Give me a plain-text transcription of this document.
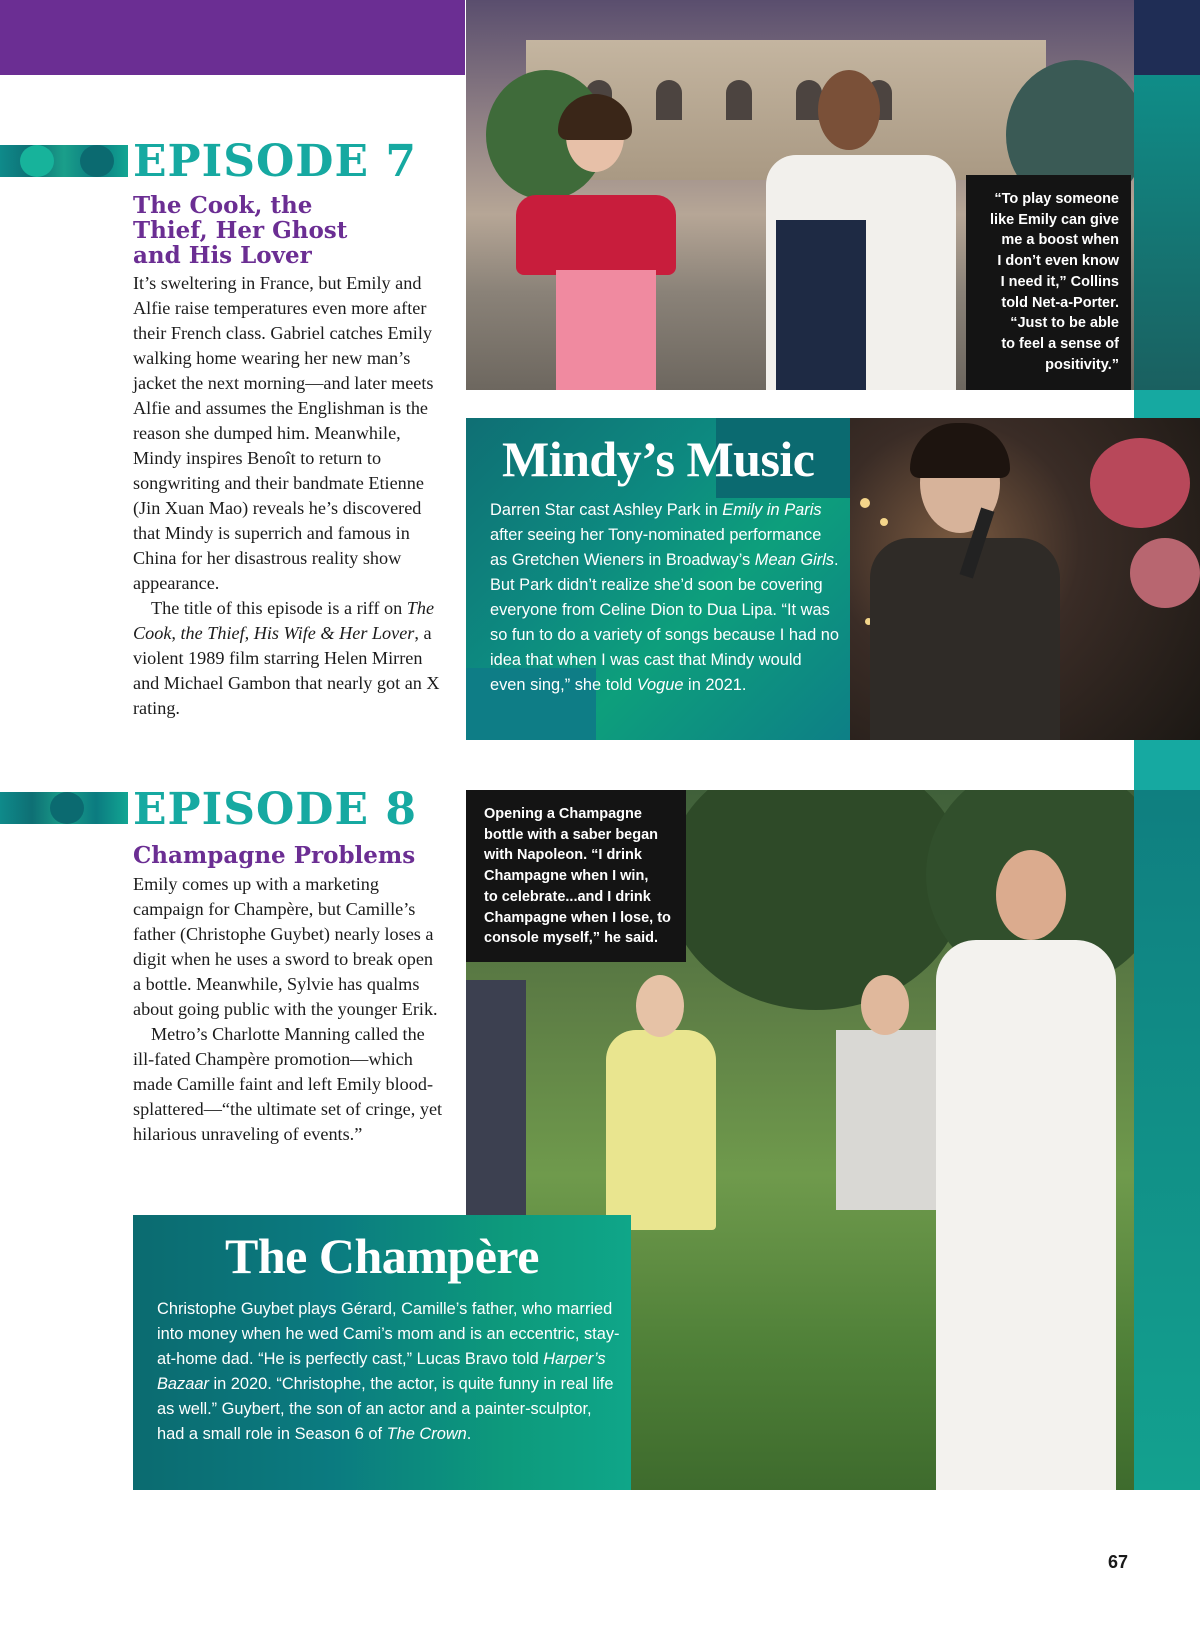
EPISODE 7
The Cook, the
Thief, Her Ghost
and His Lover

It’s sweltering in France, but Emily and Alfie raise temperatures even more after their French class. Gabriel catches Emily walking home wearing her new man’s jacket the next morning—and later meets Alfie and assumes the Englishman is the reason she dumped him. Meanwhile, Mindy inspires Benoît to return to songwriting and their bandmate Etienne (Jin Xuan Mao) reveals he’s discovered that Mindy is superrich and famous in China for her disastrous reality show appearance.

The title of this episode is a riff on The Cook, the Thief, His Wife & Her Lover, a violent 1989 film starring Helen Mirren and Michael Gambon that nearly got an X rating.

“To play someone
like Emily can give
me a boost when
I don’t even know
I need it,” Collins
told Net-a-Porter.
“Just to be able
to feel a sense of
positivity.”
Mindy’s Music
Darren Star cast Ashley Park in Emily in Paris after seeing her Tony-nominated performance as Gretchen Wieners in Broadway’s Mean Girls. But Park didn’t realize she’d soon be covering everyone from Celine Dion to Dua Lipa. “It was so fun to do a variety of songs because I had no idea that when I was cast that Mindy would even sing,” she told Vogue in 2021.
EPISODE 8
Champagne Problems

Emily comes up with a marketing campaign for Champère, but Camille’s father (Christophe Guybet) nearly loses a digit when he uses a sword to break open a bottle. Meanwhile, Sylvie has qualms about going public with the younger Erik.

Metro’s Charlotte Manning called the ill-fated Champère promotion—which made Camille faint and left Emily blood-splattered—“the ultimate set of cringe, yet hilarious unraveling of events.”

Opening a Champagne
bottle with a saber began
with Napoleon. “I drink
Champagne when I win,
to celebrate...and I drink
Champagne when I lose, to
console myself,” he said.
The Champère
Christophe Guybet plays Gérard, Camille’s father, who married into money when he wed Cami’s mom and is an eccentric, stay-at-home dad. “He is perfectly cast,” Lucas Bravo told Harper’s Bazaar in 2020. “Christophe, the actor, is quite funny in real life as well.” Guybert, the son of an actor and a painter-sculptor, had a small role in Season 6 of The Crown.
67
